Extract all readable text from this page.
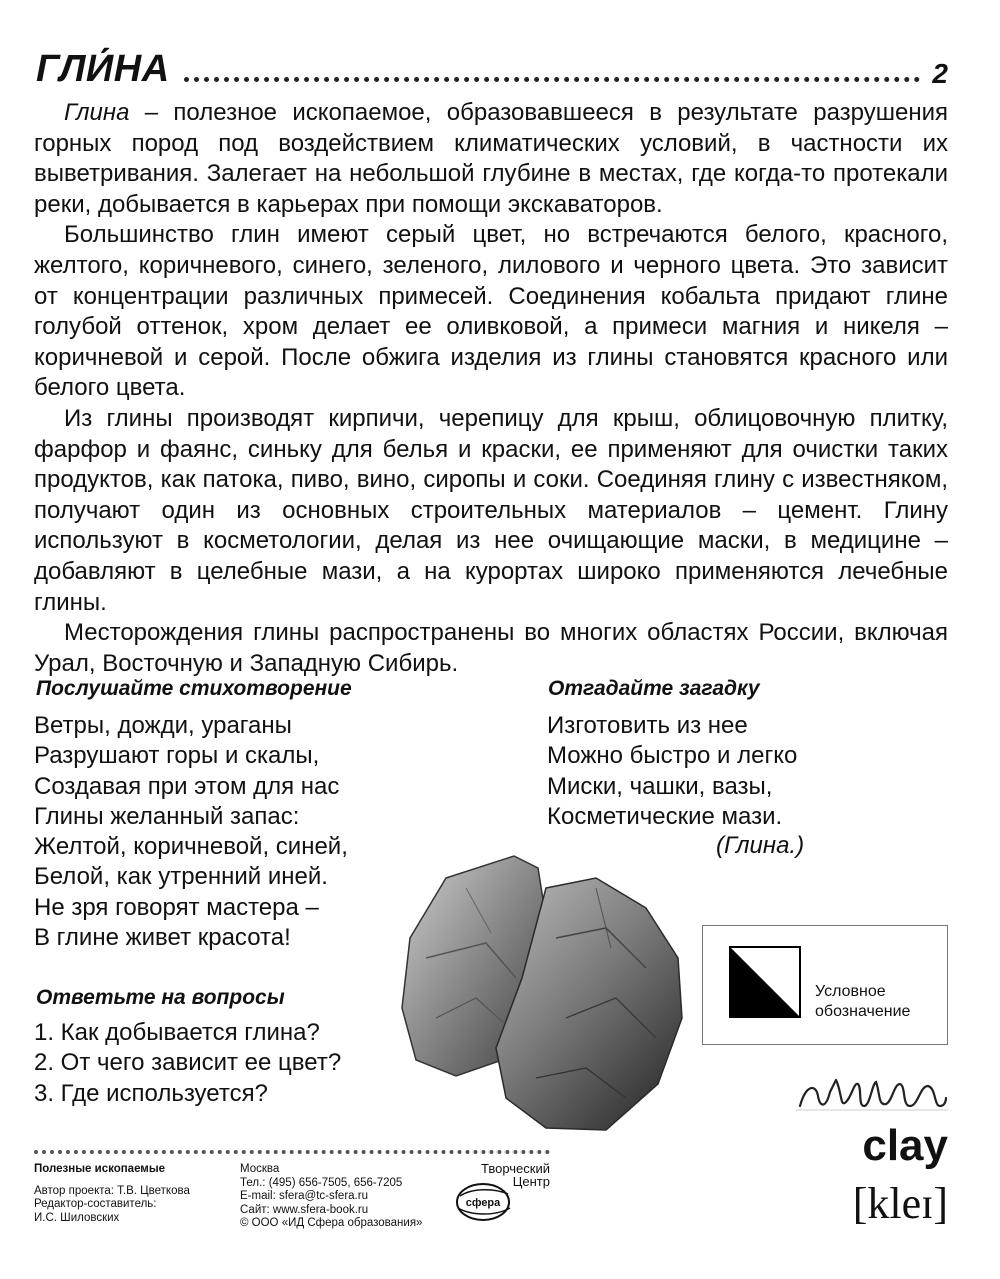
ГЛИ́НА	2

Глина – полезное ископаемое, образовавшееся в результате разрушения горных пород под воздействием климатических условий, в частности их выветривания. Залегает на небольшой глубине в местах, где когда-то протекали реки, добывается в карьерах при помощи экскаваторов.

Большинство глин имеют серый цвет, но встречаются белого, красного, желтого, коричневого, синего, зеленого, лилового и черного цвета. Это зависит от концентрации различных примесей. Соединения кобальта придают глине голубой оттенок, хром делает ее оливковой, а примеси магния и никеля – коричневой и серой. После обжига изделия из глины становятся красного или белого цвета.

Из глины производят кирпичи, черепицу для крыш, облицовочную плитку, фарфор и фаянс, синьку для белья и краски, ее применяют для очистки таких продуктов, как патока, пиво, вино, сиропы и соки. Соединяя глину с известняком, получают один из основных строительных материалов – цемент. Глину используют в косметологии, делая из нее очищающие маски, в медицине – добавляют в целебные мази, а на курортах широко применяются лечебные глины.

Месторождения глины распространены во многих областях России, включая Урал, Восточную и Западную Сибирь.

Послушайте стихотворение
Ветры, дожди, ураганы
Разрушают горы и скалы,
Создавая при этом для нас
Глины желанный запас:
Желтой, коричневой, синей,
Белой, как утренний иней.
Не зря говорят мастера –
В глине живет красота!
Отгадайте загадку
Изготовить из нее
Можно быстро и легко
Миски, чашки, вазы,
Косметические мази.
(Глина.)
Ответьте на вопросы
1. Как добывается глина?
2. От чего зависит ее цвет?
3. Где используется?
Условное
обозначение
clay
[kleɪ]
Полезные ископаемые
Автор проекта: Т.В. Цветкова
Редактор-составитель:
И.С. Шиловских
Москва
Тел.: (495) 656-7505, 656-7205
E-mail: sfera@tc-sfera.ru
Сайт: www.sfera-book.ru
© ООО «ИД Сфера образования»
Творческий
Центр
сфера
